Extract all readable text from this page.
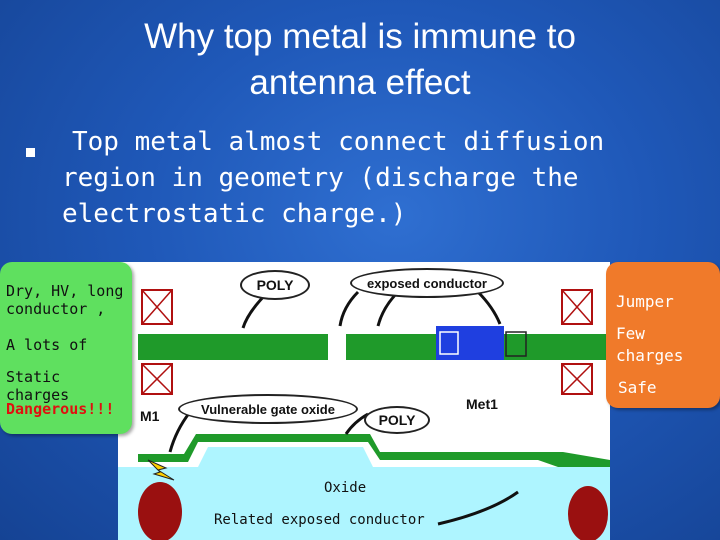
Why top metal is immune to
antenna effect
Top metal almost connect diffusion region in geometry (discharge the electrostatic charge.)
POLY	exposed conductor
Vulnerable gate oxide
POLY
Met1
M1
Oxide
Related exposed conductor
Dry, HV, long
conductor ,
A lots of
Static charges
Dangerous!!!
Jumper
Few
charges
Safe
